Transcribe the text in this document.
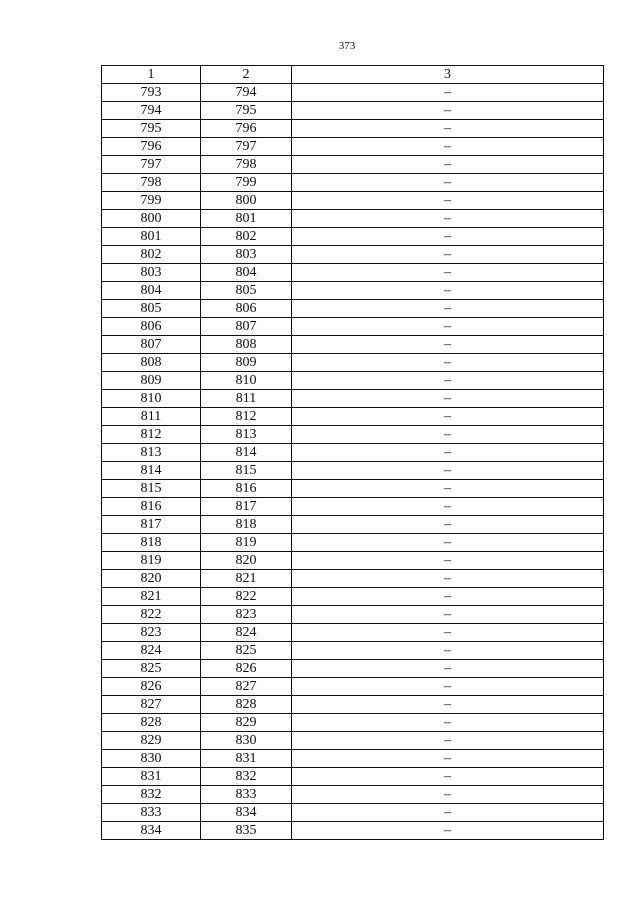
373
1	2	3
793	794	–
794	795	–
795	796	–
796	797	–
797	798	–
798	799	–
799	800	–
800	801	–
801	802	–
802	803	–
803	804	–
804	805	–
805	806	–
806	807	–
807	808	–
808	809	–
809	810	–
810	811	–
811	812	–
812	813	–
813	814	–
814	815	–
815	816	–
816	817	–
817	818	–
818	819	–
819	820	–
820	821	–
821	822	–
822	823	–
823	824	–
824	825	–
825	826	–
826	827	–
827	828	–
828	829	–
829	830	–
830	831	–
831	832	–
832	833	–
833	834	–
834	835	–
